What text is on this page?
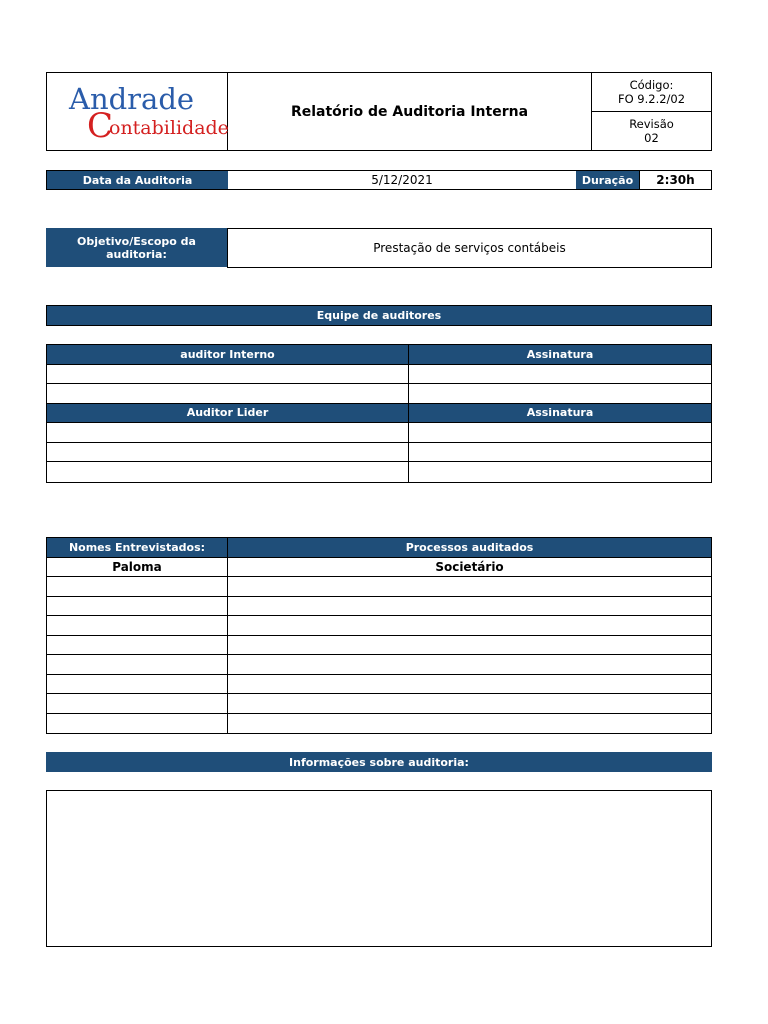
Andrade
C
ontabilidade
Relatório de Auditoria Interna
Código:
FO 9.2.2/02
Revisão
02
Data da Auditoria	5/12/2021	Duração	2:30h
Objetivo/Escopo da auditoria:	Prestação de serviços contábeis
Equipe de auditores
auditor Interno	Assinatura
Auditor Lider	Assinatura
Nomes Entrevistados:	Processos auditados
Paloma	Societário
Informações sobre auditoria:
